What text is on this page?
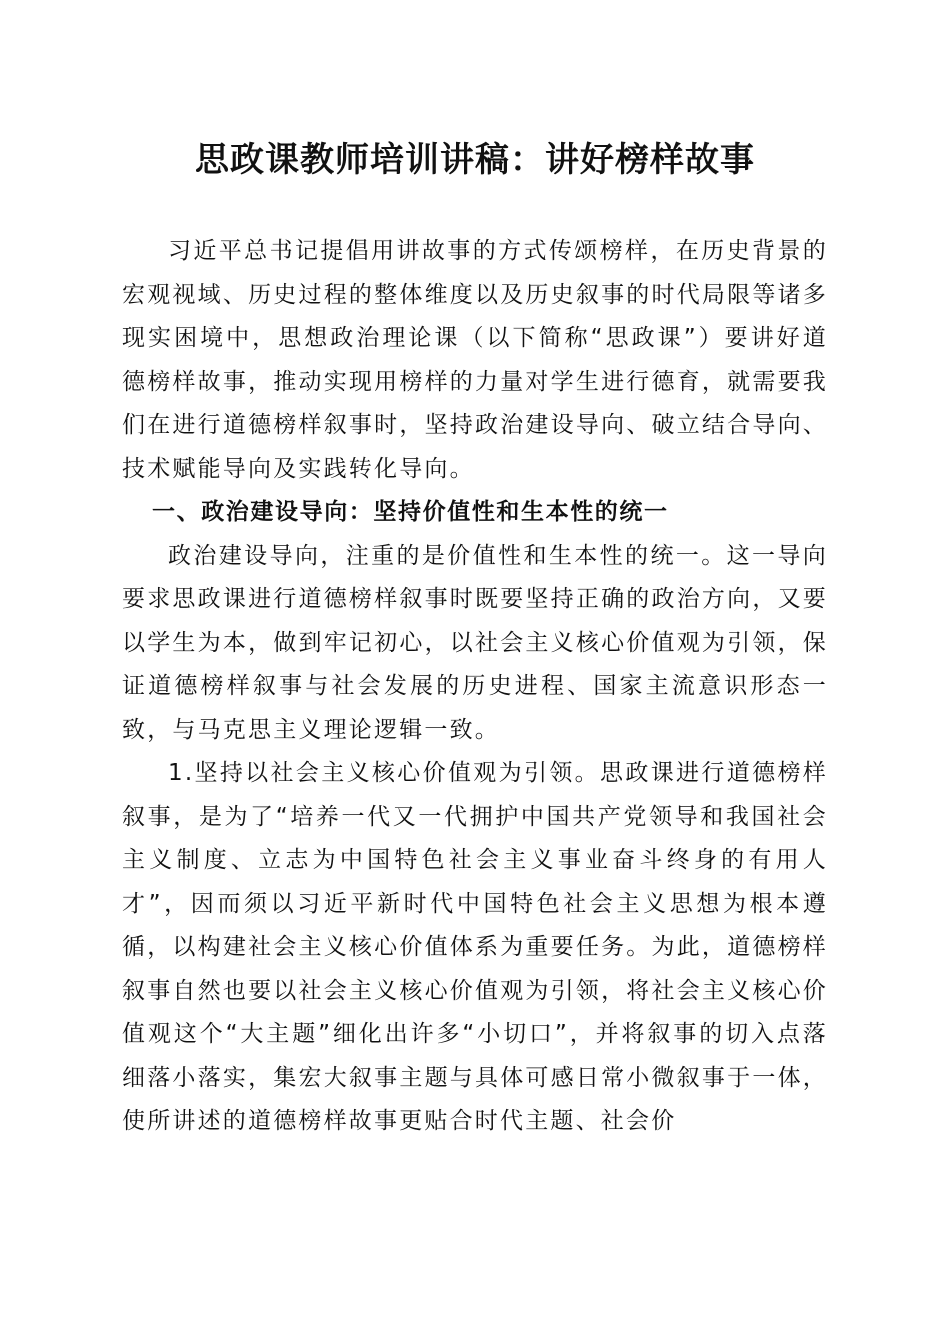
思政课教师培训讲稿：讲好榜样故事

习近平总书记提倡用讲故事的方式传颂榜样，在历史背景的宏观视域、历史过程的整体维度以及历史叙事的时代局限等诸多现实困境中，思想政治理论课（以下简称“思政课”）要讲好道德榜样故事，推动实现用榜样的力量对学生进行德育，就需要我们在进行道德榜样叙事时，坚持政治建设导向、破立结合导向、技术赋能导向及实践转化导向。

一、政治建设导向：坚持价值性和生本性的统一

政治建设导向，注重的是价值性和生本性的统一。这一导向要求思政课进行道德榜样叙事时既要坚持正确的政治方向，又要以学生为本，做到牢记初心，以社会主义核心价值观为引领，保证道德榜样叙事与社会发展的历史进程、国家主流意识形态一致，与马克思主义理论逻辑一致。

1.坚持以社会主义核心价值观为引领。思政课进行道德榜样叙事，是为了“培养一代又一代拥护中国共产党领导和我国社会主义制度、立志为中国特色社会主义事业奋斗终身的有用人才”，因而须以习近平新时代中国特色社会主义思想为根本遵循，以构建社会主义核心价值体系为重要任务。为此，道德榜样叙事自然也要以社会主义核心价值观为引领，将社会主义核心价值观这个“大主题”细化出许多“小切口”，并将叙事的切入点落细落小落实，集宏大叙事主题与具体可感日常小微叙事于一体，使所讲述的道德榜样故事更贴合时代主题、社会价
